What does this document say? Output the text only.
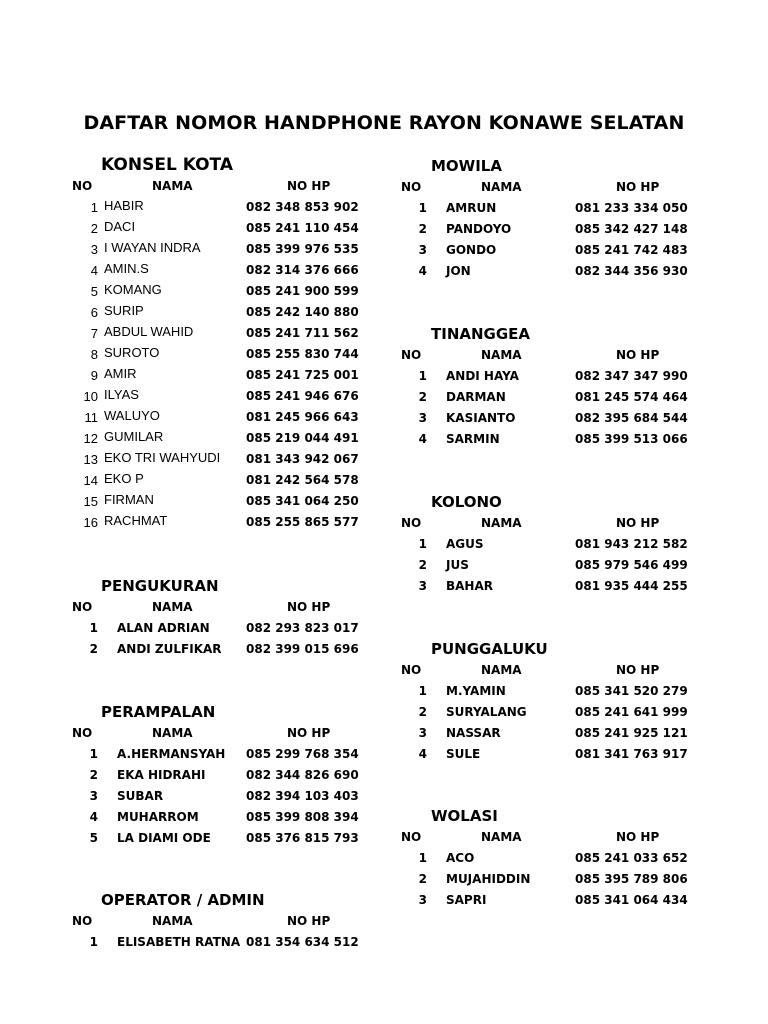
DAFTAR NOMOR HANDPHONE RAYON KONAWE SELATAN
KONSEL KOTA
NO	NAMA	NO HP
1 HABIR	082 348 853 902
2 DACI	085 241 110 454
3 I WAYAN INDRA	085 399 976 535
4 AMIN.S	082 314 376 666
5 KOMANG	085 241 900 599
6 SURIP	085 242 140 880
7 ABDUL WAHID	085 241 711 562
8 SUROTO	085 255 830 744
9 AMIR	085 241 725 001
10 ILYAS	085 241 946 676
11 WALUYO	081 245 966 643
12 GUMILAR	085 219 044 491
13 EKO TRI WAHYUDI 081 343 942 067
14 EKO P	081 242 564 578
15 FIRMAN	085 341 064 250
16 RACHMAT	085 255 865 577
PENGUKURAN
NO	NAMA	NO HP
1 ALAN ADRIAN	082 293 823 017
2 ANDI ZULFIKAR 082 399 015 696
PERAMPALAN
NO	NAMA	NO HP
1 A.HERMANSYAH 085 299 768 354
2 EKA HIDRAHI	082 344 826 690
3 SUBAR	082 394 103 403
4 MUHARROM	085 399 808 394
5 LA DIAMI ODE	085 376 815 793
OPERATOR / ADMIN
NO	NAMA	NO HP
1 ELISABETH RATNA 081 354 634 512
MOWILA
NO	NAMA	NO HP
1 AMRUN	081 233 334 050
2 PANDOYO	085 342 427 148
3 GONDO	085 241 742 483
4 JON	082 344 356 930
TINANGGEA
NO	NAMA	NO HP
1 ANDI HAYA	082 347 347 990
2 DARMAN	081 245 574 464
3 KASIANTO	082 395 684 544
4 SARMIN	085 399 513 066
KOLONO
NO	NAMA	NO HP
1 AGUS	081 943 212 582
2 JUS	085 979 546 499
3 BAHAR	081 935 444 255
PUNGGALUKU
NO	NAMA	NO HP
1 M.YAMIN	085 341 520 279
2 SURYALANG	085 241 641 999
3 NASSAR	085 241 925 121
4 SULE	081 341 763 917
WOLASI
NO	NAMA	NO HP
1 ACO	085 241 033 652
2 MUJAHIDDIN	085 395 789 806
3 SAPRI	085 341 064 434
